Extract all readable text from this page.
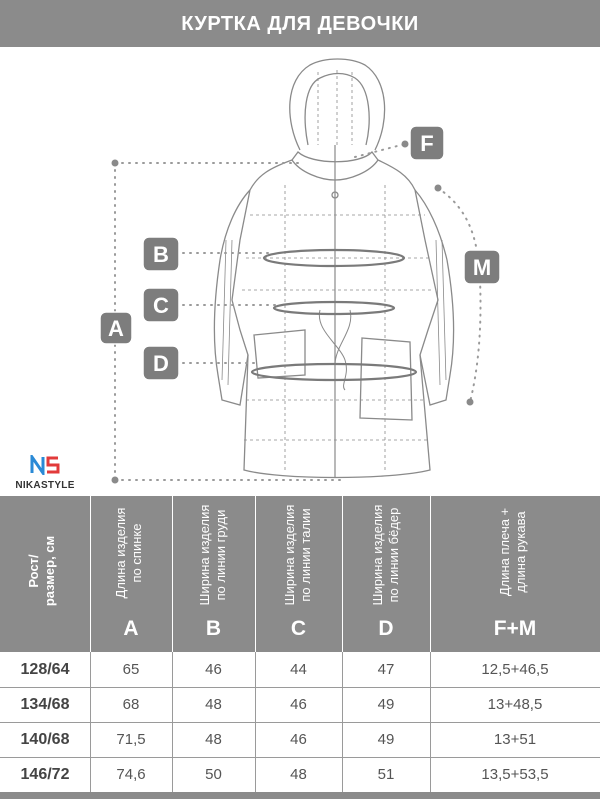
КУРТКА ДЛЯ ДЕВОЧКИ
A
B
C
D
F
M
NS
NIKASTYLE
Рост/
размер, см
Длина изделия
по спинке
A
Ширина изделия
по линии груди
B
Ширина изделия
по линии талии
C
Ширина изделия
по линии бёдер
D
Длина плеча +
длина рукава
F+M
128/64	65	46	44	47	12,5+46,5
134/68	68	48	46	49	13+48,5
140/68	71,5	48	46	49	13+51
146/72	74,6	50	48	51	13,5+53,5
